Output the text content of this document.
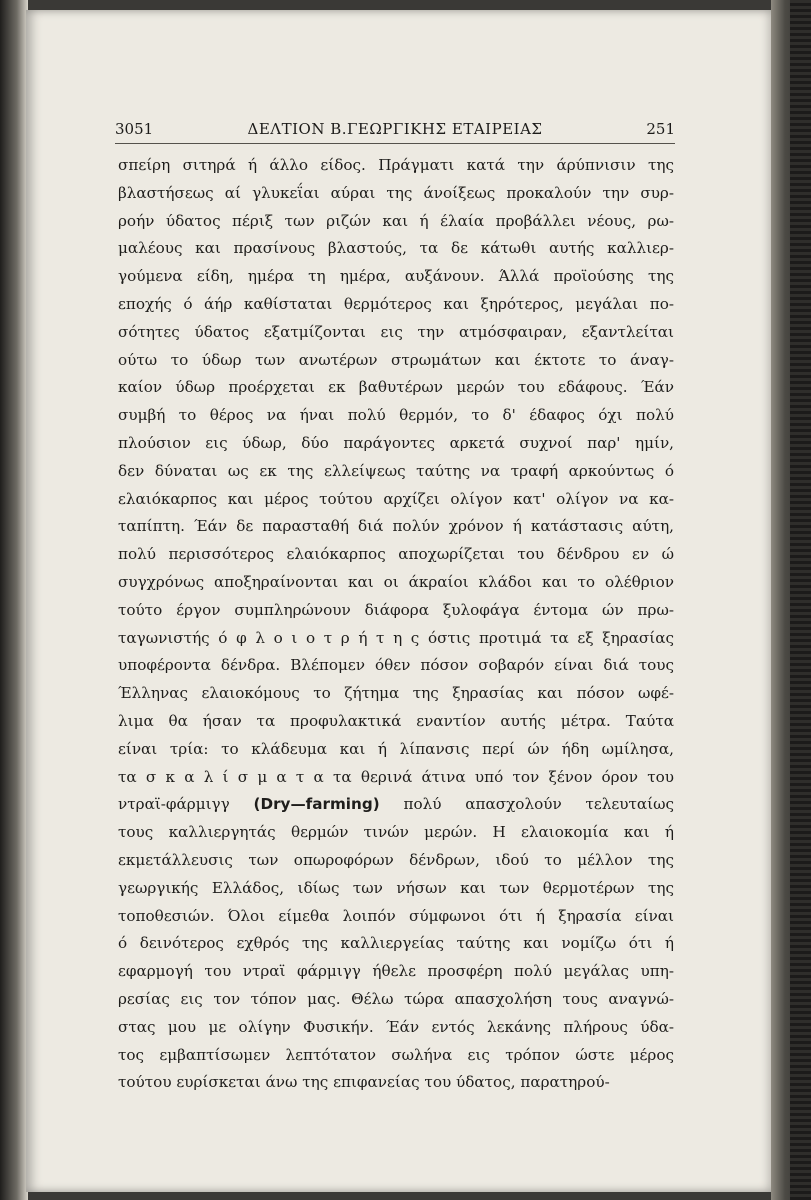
3051	ΔΕΛΤΙΟΝ Β.ΓΕΩΡΓΙΚΗΣ ΕΤΑΙΡΕΙΑΣ	251
σπείρη σιτηρά ή άλλο είδος. Πράγματι κατά την άρύπνισιν της
βλαστήσεως αί γλυκεΐαι αύραι της άνοίξεως προκαλούν την συρ-
ροήν ύδατος πέριξ των ριζών και ή έλαία προβάλλει νέους, ρω-
μαλέους και πρασίνους βλαστούς, τα δε κάτωθι αυτής καλλιερ-
γούμενα είδη, ημέρα τη ημέρα, αυξάνουν. Άλλά προϊούσης της
εποχής ό άήρ καθίσταται θερμότερος και ξηρότερος, μεγάλαι πο-
σότητες ύδατος εξατμίζονται εις την ατμόσφαιραν, εξαντλείται
ούτω το ύδωρ των ανωτέρων στρωμάτων και έκτοτε το άναγ-
καίον ύδωρ προέρχεται εκ βαθυτέρων μερών του εδάφους. Έάν
συμβή το θέρος να ήναι πολύ θερμόν, το δ' έδαφος όχι πολύ
πλούσιον εις ύδωρ, δύο παράγοντες αρκετά συχνοί παρ' ημίν,
δεν δύναται ως εκ της ελλείψεως ταύτης να τραφή αρκούντως ό
ελαιόκαρπος και μέρος τούτου αρχίζει ολίγον κατ' ολίγον να κα-
ταπίπτη. Έάν δε παρασταθή διά πολύν χρόνον ή κατάστασις αύτη,
πολύ περισσότερος ελαιόκαρπος αποχωρίζεται του δένδρου εν ώ
συγχρόνως αποξηραίνονται και οι άκραίοι κλάδοι και το ολέθριον
τούτο έργον συμπληρώνουν διάφορα ξυλοφάγα έντομα ών πρω-
ταγωνιστής ό φ λ ο ι ο τ ρ ή τ η ς όστις προτιμά τα εξ ξηρασίας
υποφέροντα δένδρα. Βλέπομεν όθεν πόσον σοβαρόν είναι διά τους
Έλληνας ελαιοκόμους το ζήτημα της ξηρασίας και πόσον ωφέ-
λιμα θα ήσαν τα προφυλακτικά εναντίον αυτής μέτρα. Ταύτα
είναι τρία: το κλάδευμα και ή λίπανσις περί ών ήδη ωμίλησα,
τα σ κ α λ ί σ μ α τ α τα θερινά άτινα υπό τον ξένον όρον του
ντραϊ-φάρμιγγ (Dry—farming) πολύ απασχολούν τελευταίως
τους καλλιεργητάς θερμών τινών μερών. Η ελαιοκομία και ή
εκμετάλλευσις των οπωροφόρων δένδρων, ιδού το μέλλον της
γεωργικής Ελλάδος, ιδίως των νήσων και των θερμοτέρων της
τοποθεσιών. Όλοι είμεθα λοιπόν σύμφωνοι ότι ή ξηρασία είναι
ό δεινότερος εχθρός της καλλιεργείας ταύτης και νομίζω ότι ή
εφαρμογή του ντραϊ φάρμιγγ ήθελε προσφέρη πολύ μεγάλας υπη-
ρεσίας εις τον τόπον μας. Θέλω τώρα απασχολήση τους αναγνώ-
στας μου με ολίγην Φυσικήν. Έάν εντός λεκάνης πλήρους ύδα-
τος εμβαπτίσωμεν λεπτότατον σωλήνα εις τρόπον ώστε μέρος
τούτου ευρίσκεται άνω της επιφανείας του ύδατος, παρατηρού-
